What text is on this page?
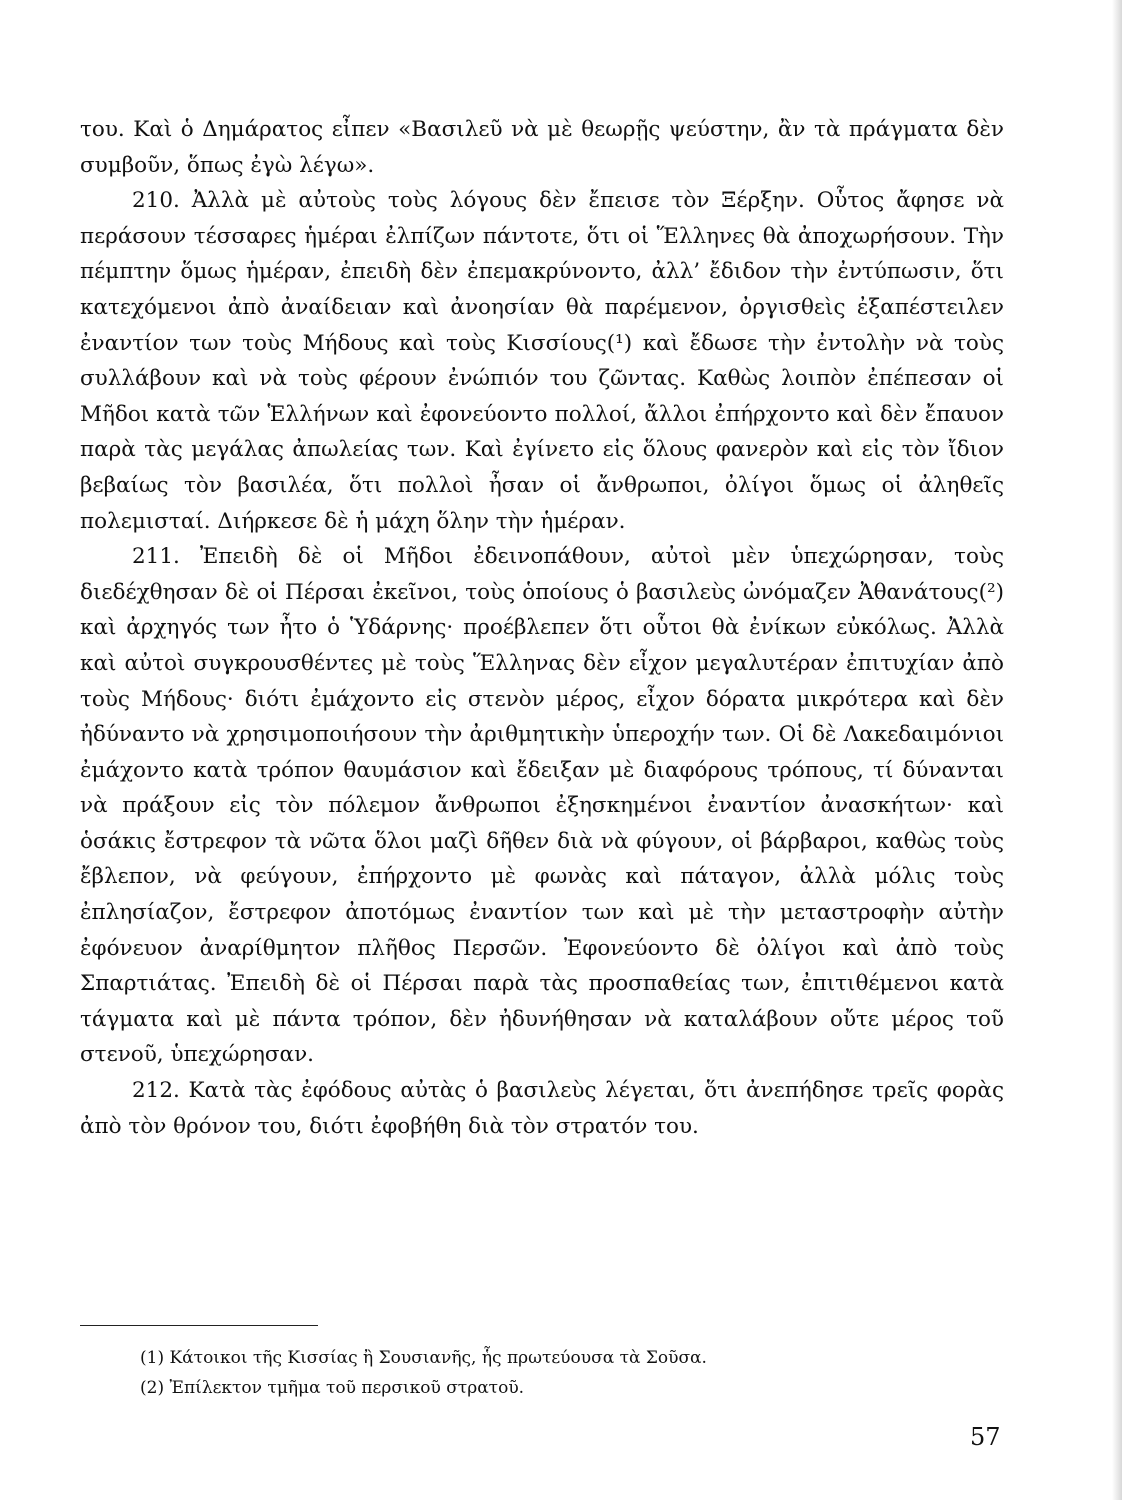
του. Καὶ ὁ Δημάρατος εἶπεν «Βασιλεῦ νὰ μὲ θεωρῇς ψεύστην, ἂν τὰ πράγματα δὲν συμβοῦν, ὅπως ἐγὼ λέγω».

210. Ἀλλὰ μὲ αὐτοὺς τοὺς λόγους δὲν ἔπεισε τὸν Ξέρξην. Οὗτος ἄφησε νὰ περάσουν τέσσαρες ἡμέραι ἐλπίζων πάντοτε, ὅτι οἱ Ἕλληνες θὰ ἀποχωρήσουν. Τὴν πέμπτην ὅμως ἡμέραν, ἐπειδὴ δὲν ἐπεμακρύνοντο, ἀλλ’ ἔδιδον τὴν ἐντύπωσιν, ὅτι κατεχόμενοι ἀπὸ ἀναίδειαν καὶ ἀνοησίαν θὰ παρέμενον, ὀργισθεὶς ἐξαπέστειλεν ἐναντίον των τοὺς Μήδους καὶ τοὺς Κισσίους(¹) καὶ ἔδωσε τὴν ἐντολὴν νὰ τοὺς συλλάβουν καὶ νὰ τοὺς φέρουν ἐνώπιόν του ζῶντας. Καθὼς λοιπὸν ἐπέπεσαν οἱ Μῆδοι κατὰ τῶν Ἑλλήνων καὶ ἐφονεύοντο πολλοί, ἄλλοι ἐπήρχοντο καὶ δὲν ἔπαυον παρὰ τὰς μεγάλας ἀπωλείας των. Καὶ ἐγίνετο εἰς ὅλους φανερὸν καὶ εἰς τὸν ἴδιον βεβαίως τὸν βασιλέα, ὅτι πολλοὶ ἦσαν οἱ ἄνθρωποι, ὀλίγοι ὅμως οἱ ἀληθεῖς πολεμισταί. Διήρκεσε δὲ ἡ μάχη ὅλην τὴν ἡμέραν.

211. Ἐπειδὴ δὲ οἱ Μῆδοι ἐδεινοπάθουν, αὐτοὶ μὲν ὑπεχώρησαν, τοὺς διεδέχθησαν δὲ οἱ Πέρσαι ἐκεῖνοι, τοὺς ὁποίους ὁ βασιλεὺς ὠνόμαζεν Ἀθανάτους(²) καὶ ἀρχηγός των ἦτο ὁ Ὑδάρνης· προέβλεπεν ὅτι οὗτοι θὰ ἐνίκων εὐκόλως. Ἀλλὰ καὶ αὐτοὶ συγκρουσθέντες μὲ τοὺς Ἕλληνας δὲν εἶχον μεγαλυτέραν ἐπιτυχίαν ἀπὸ τοὺς Μήδους· διότι ἐμάχοντο εἰς στενὸν μέρος, εἶχον δόρατα μικρότερα καὶ δὲν ἠδύναντο νὰ χρησιμοποιήσουν τὴν ἀριθμητικὴν ὑπεροχήν των. Οἱ δὲ Λακεδαιμόνιοι ἐμάχοντο κατὰ τρόπον θαυμάσιον καὶ ἔδειξαν μὲ διαφόρους τρόπους, τί δύνανται νὰ πράξουν εἰς τὸν πόλεμον ἄνθρωποι ἐξησκημένοι ἐναντίον ἀνασκήτων· καὶ ὁσάκις ἔστρεφον τὰ νῶτα ὅλοι μαζὶ δῆθεν διὰ νὰ φύγουν, οἱ βάρβαροι, καθὼς τοὺς ἔβλεπον, νὰ φεύγουν, ἐπήρχοντο μὲ φωνὰς καὶ πάταγον, ἀλλὰ μόλις τοὺς ἐπλησίαζον, ἔστρεφον ἀποτόμως ἐναντίον των καὶ μὲ τὴν μεταστροφὴν αὐτὴν ἐφόνευον ἀναρίθμητον πλῆθος Περσῶν. Ἐφονεύοντο δὲ ὀλίγοι καὶ ἀπὸ τοὺς Σπαρτιάτας. Ἐπειδὴ δὲ οἱ Πέρσαι παρὰ τὰς προσπαθείας των, ἐπιτιθέμενοι κατὰ τάγματα καὶ μὲ πάντα τρόπον, δὲν ἠδυνήθησαν νὰ καταλάβουν οὔτε μέρος τοῦ στενοῦ, ὑπεχώρησαν.

212. Κατὰ τὰς ἐφόδους αὐτὰς ὁ βασιλεὺς λέγεται, ὅτι ἀνεπήδησε τρεῖς φορὰς ἀπὸ τὸν θρόνον του, διότι ἐφοβήθη διὰ τὸν στρατόν του.

(1) Κάτοικοι τῆς Κισσίας ἢ Σουσιανῆς, ἧς πρωτεύουσα τὰ Σοῦσα.

(2) Ἐπίλεκτον τμῆμα τοῦ περσικοῦ στρατοῦ.

57
